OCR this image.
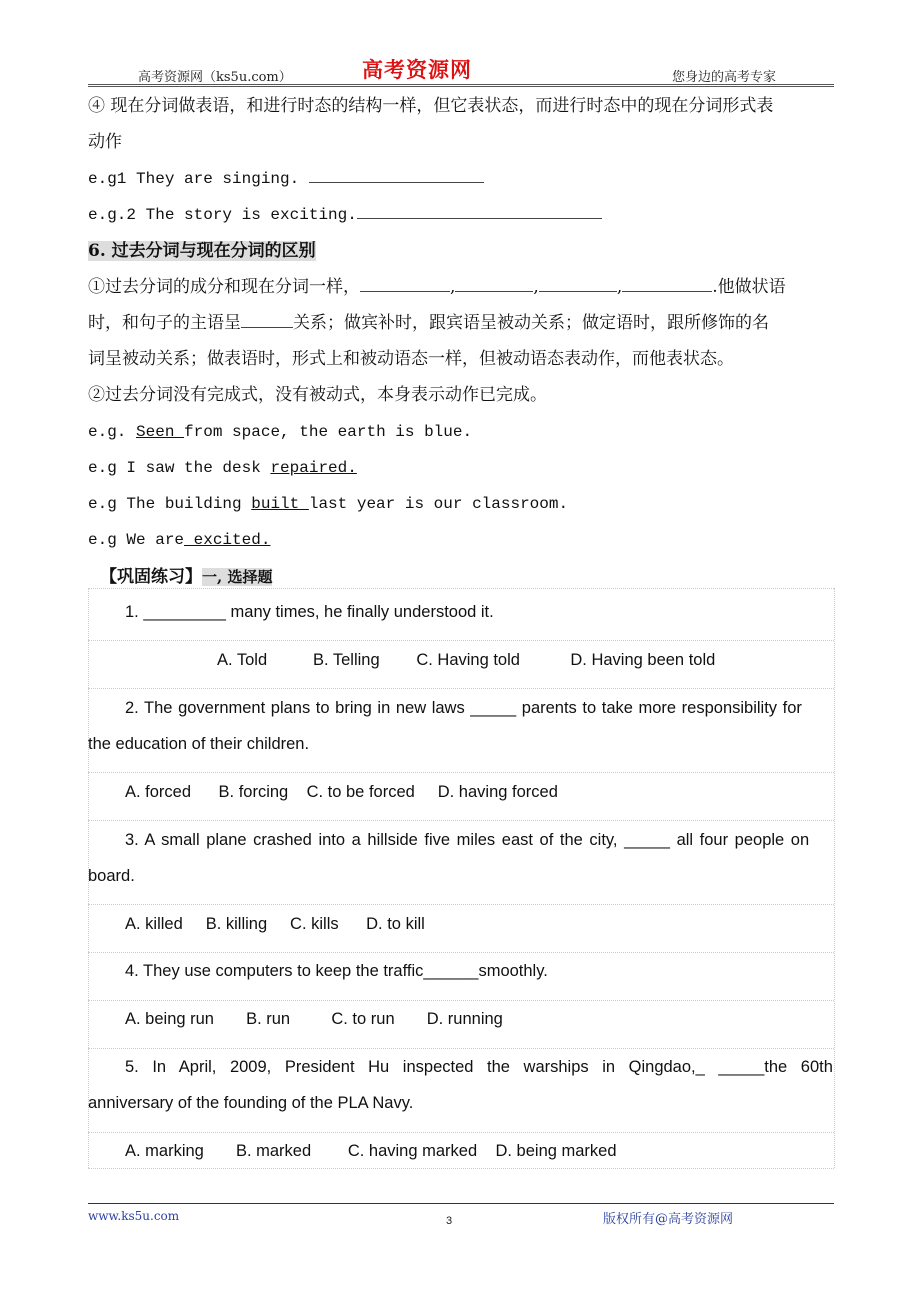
高考资源网（ks5u.com）	高考资源网	您身边的高考专家
④ 现在分词做表语，和进行时态的结构一样，但它表状态，而进行时态中的现在分词形式表
动作
e.g1 They are singing.
e.g.2 The story is exciting.
6. 过去分词与现在分词的区别
①过去分词的成分和现在分词一样，	,	,	,	.他做状语
时，和句子的主语呈	关系；做宾补时，跟宾语呈被动关系；做定语时，跟所修饰的名
词呈被动关系；做表语时，形式上和被动语态一样，但被动语态表动作，而他表状态。
②过去分词没有完成式，没有被动式，本身表示动作已完成。
e.g. Seen from space, the earth is blue.
e.g I saw the desk repaired.
e.g The building built last year is our classroom.
e.g We are excited.
【巩固练习】一, 选择题
1. _________ many times, he finally understood it.
A. Told          B. Telling        C. Having told           D. Having been told
2. The government plans to bring in new laws _____ parents to take more responsibility for
the education of their children.
A. forced      B. forcing    C. to be forced     D. having forced
3. A small plane crashed into a hillside five miles east of the city, _____ all four people on
board.
A. killed     B. killing     C. kills      D. to kill
4. They use computers to keep the traffic______smoothly.
A. being run       B. run         C. to run       D. running
5. In April, 2009, President Hu inspected the warships in Qingdao,_ _____the 60th
anniversary of the founding of the PLA Navy.
A. marking       B. marked        C. having marked    D. being marked
www.ks5u.com	3	版权所有@高考资源网
